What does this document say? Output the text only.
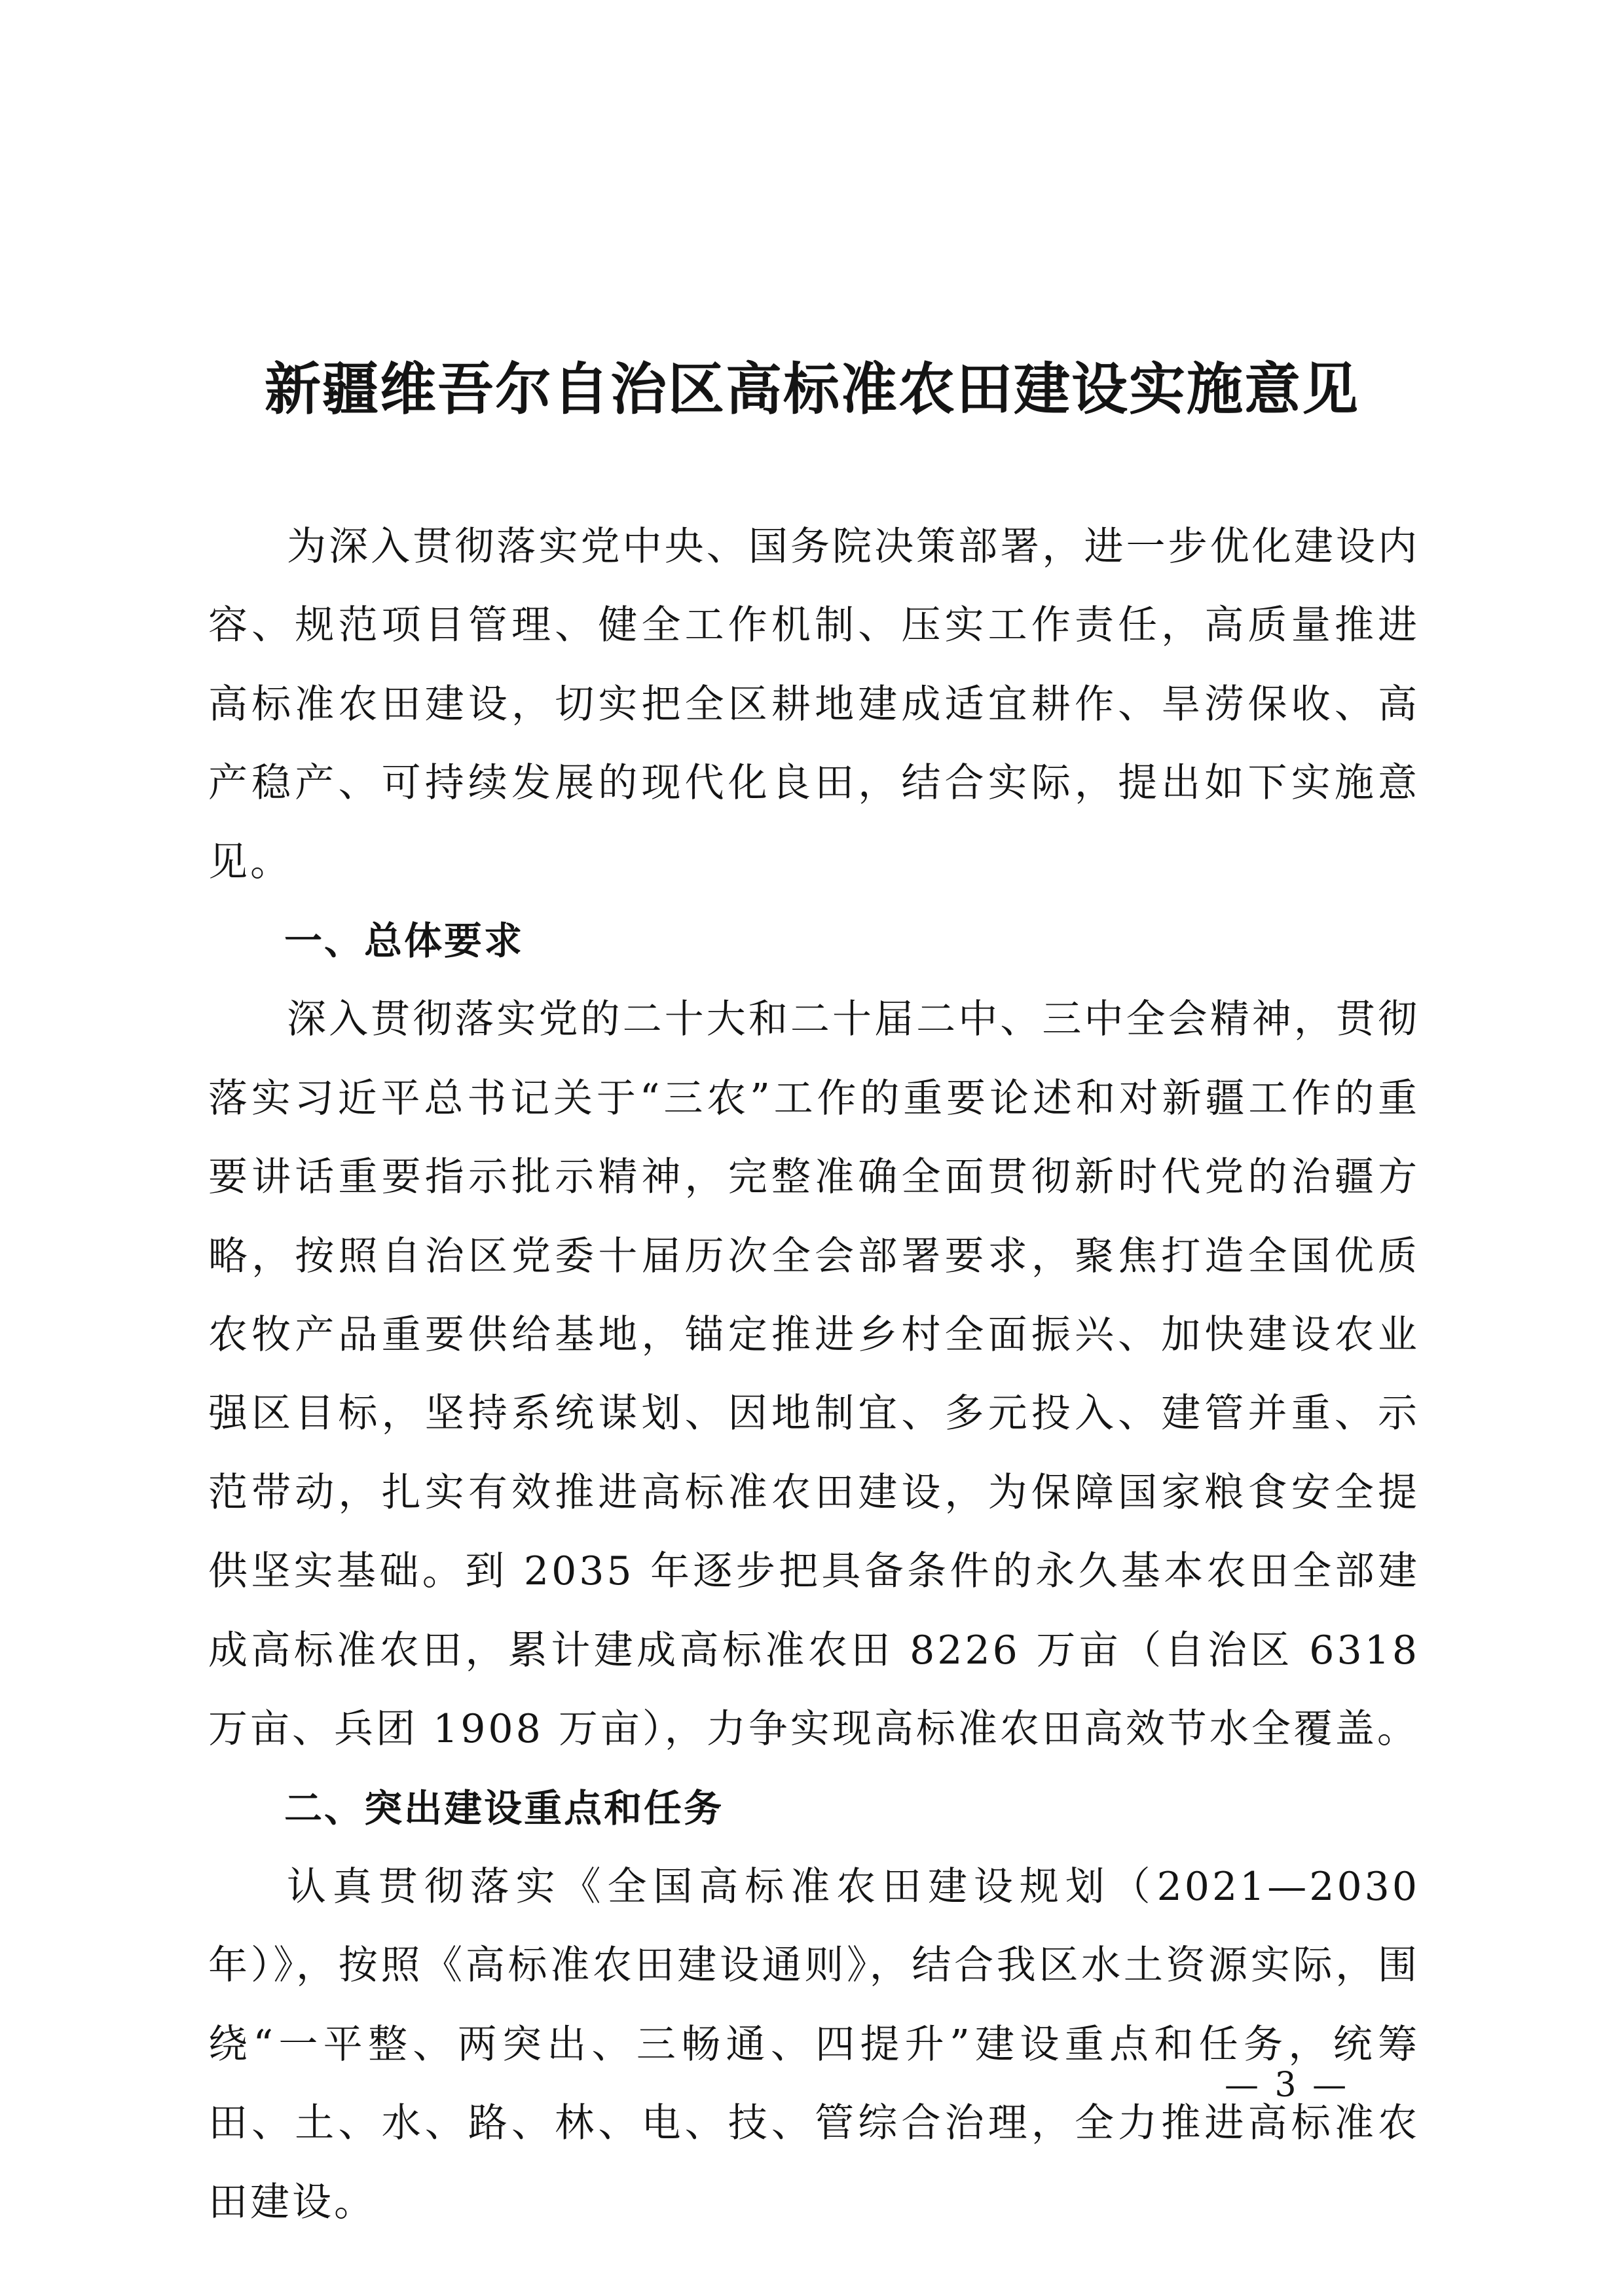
新疆维吾尔自治区高标准农田建设实施意见

为深入贯彻落实党中央、国务院决策部署，进一步优化建设内容、规范项目管理、健全工作机制、压实工作责任，高质量推进高标准农田建设，切实把全区耕地建成适宜耕作、旱涝保收、高产稳产、可持续发展的现代化良田，结合实际，提出如下实施意见。

一、总体要求

深入贯彻落实党的二十大和二十届二中、三中全会精神，贯彻落实习近平总书记关于“三农”工作的重要论述和对新疆工作的重要讲话重要指示批示精神，完整准确全面贯彻新时代党的治疆方略，按照自治区党委十届历次全会部署要求，聚焦打造全国优质农牧产品重要供给基地，锚定推进乡村全面振兴、加快建设农业强区目标，坚持系统谋划、因地制宜、多元投入、建管并重、示范带动，扎实有效推进高标准农田建设，为保障国家粮食安全提供坚实基础。到 2035 年逐步把具备条件的永久基本农田全部建成高标准农田，累计建成高标准农田 8226 万亩（自治区 6318 万亩、兵团 1908 万亩），力争实现高标准农田高效节水全覆盖。

二、突出建设重点和任务

认真贯彻落实《全国高标准农田建设规划（2021—2030 年）》，按照《高标准农田建设通则》，结合我区水土资源实际，围绕“一平整、两突出、三畅通、四提升”建设重点和任务，统筹田、土、水、路、林、电、技、管综合治理，全力推进高标准农田建设。

— 3 —
